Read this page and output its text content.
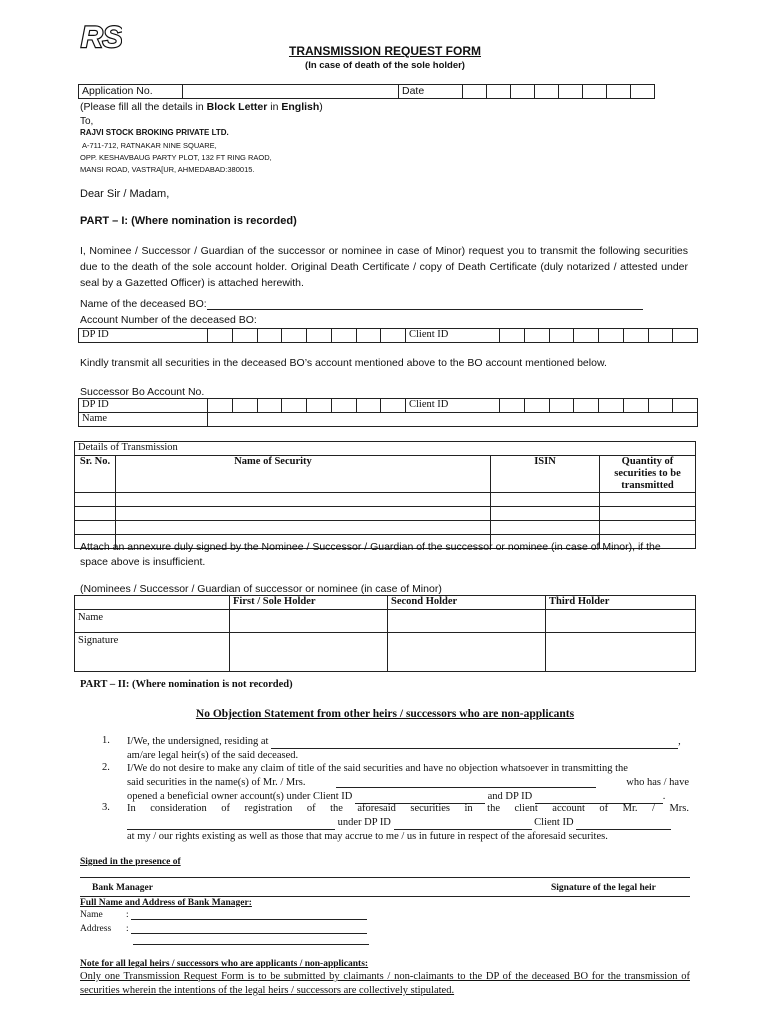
RS	TRANSMISSION REQUEST FORM
(In case of death of the sole holder)
Application No.		Date								
(Please fill all the details in Block Letter in English)
To,
RAJVI STOCK BROKING PRIVATE LTD.
A-711-712, RATNAKAR NINE SQUARE,
OPP. KESHAVBAUG PARTY PLOT, 132 FT RING RAOD,
MANSI ROAD, VASTRA[UR, AHMEDABAD:380015.
Dear Sir / Madam,
PART – I: (Where nomination is recorded)
I, Nominee / Successor / Guardian of the successor or nominee in case of Minor) request you to transmit the following securities due to the death of the sole account holder. Original Death Certificate / copy of Death Certificate (duly notarized / attested under seal by a Gazetted Officer) is attached herewith.
Name of the deceased BO:
Account Number of the deceased BO:
DP ID									Client ID								
Kindly transmit all securities in the deceased BO’s account mentioned above to the BO account mentioned below.
Successor Bo Account No.
DP ID									Client ID								
Name																	
Details of Transmission			
Sr. No.	Name of Security	ISIN	Quantity of securities to be transmitted

Attach an annexure duly signed by the Nominee / Successor / Guardian of the successor or nominee (in case of Minor), if the space above is insufficient.
(Nominees / Successor / Guardian of successor or nominee (in case of Minor)
	First / Sole Holder	Second Holder	Third Holder
Name			
Signature			
PART – II: (Where nomination is not recorded)
No Objection Statement from other heirs / successors who are non-applicants
1. I/We, the undersigned, residing at	,
am/are legal heir(s) of the said deceased.
2. I/We do not desire to make any claim of title of the said securities and have no objection whatsoever in transmitting the
said securities in the name(s) of Mr. / Mrs.	who has / have
opened a beneficial owner account(s) under Client ID	and DP ID	.
3. In consideration of registration of the aforesaid securities in the client account of Mr. / Mrs.
under DP ID	Client ID
at my / our rights existing as well as those that may accrue to me / us in future in respect of the aforesaid securites.
Signed in the presence of
Bank Manager	Signature of the legal heir
Full Name and Address of Bank Manager:
Name :
Address :
Note for all legal heirs / successors who are applicants / non-applicants:
Only one Transmission Request Form is to be submitted by claimants / non-claimants to the DP of the deceased BO for the transmission of securities wherein the intentions of the legal heirs / successors are collectively stipulated.
